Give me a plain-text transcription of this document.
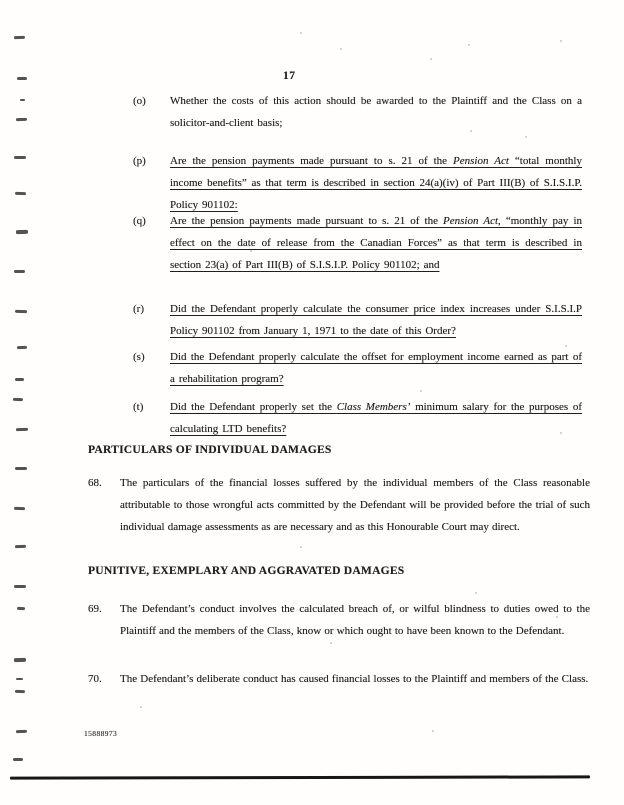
17
(o) Whether the costs of this action should be awarded to the Plaintiff and the Class on a solicitor-and-client basis;
(p) Are the pension payments made pursuant to s. 21 of the Pension Act “total monthly income benefits” as that term is described in section 24(a)(iv) of Part III(B) of S.I.S.I.P. Policy 901102:
(q) Are the pension payments made pursuant to s. 21 of the Pension Act, “monthly pay in effect on the date of release from the Canadian Forces” as that term is described in section 23(a) of Part III(B) of S.I.S.I.P. Policy 901102; and
(r) Did the Defendant properly calculate the consumer price index increases under S.I.S.I.P Policy 901102 from January 1, 1971 to the date of this Order?
(s) Did the Defendant properly calculate the offset for employment income earned as part of a rehabilitation program?
(t) Did the Defendant properly set the Class Members’ minimum salary for the purposes of calculating LTD benefits?
PARTICULARS OF INDIVIDUAL DAMAGES
68. The particulars of the financial losses suffered by the individual members of the Class reasonable attributable to those wrongful acts committed by the Defendant will be provided before the trial of such individual damage assessments as are necessary and as this Honourable Court may direct.
PUNITIVE, EXEMPLARY AND AGGRAVATED DAMAGES
69. The Defendant’s conduct involves the calculated breach of, or wilful blindness to duties owed to the Plaintiff and the members of the Class, know or which ought to have been known to the Defendant.
70. The Defendant’s deliberate conduct has caused financial losses to the Plaintiff and members of the Class.
15888973
